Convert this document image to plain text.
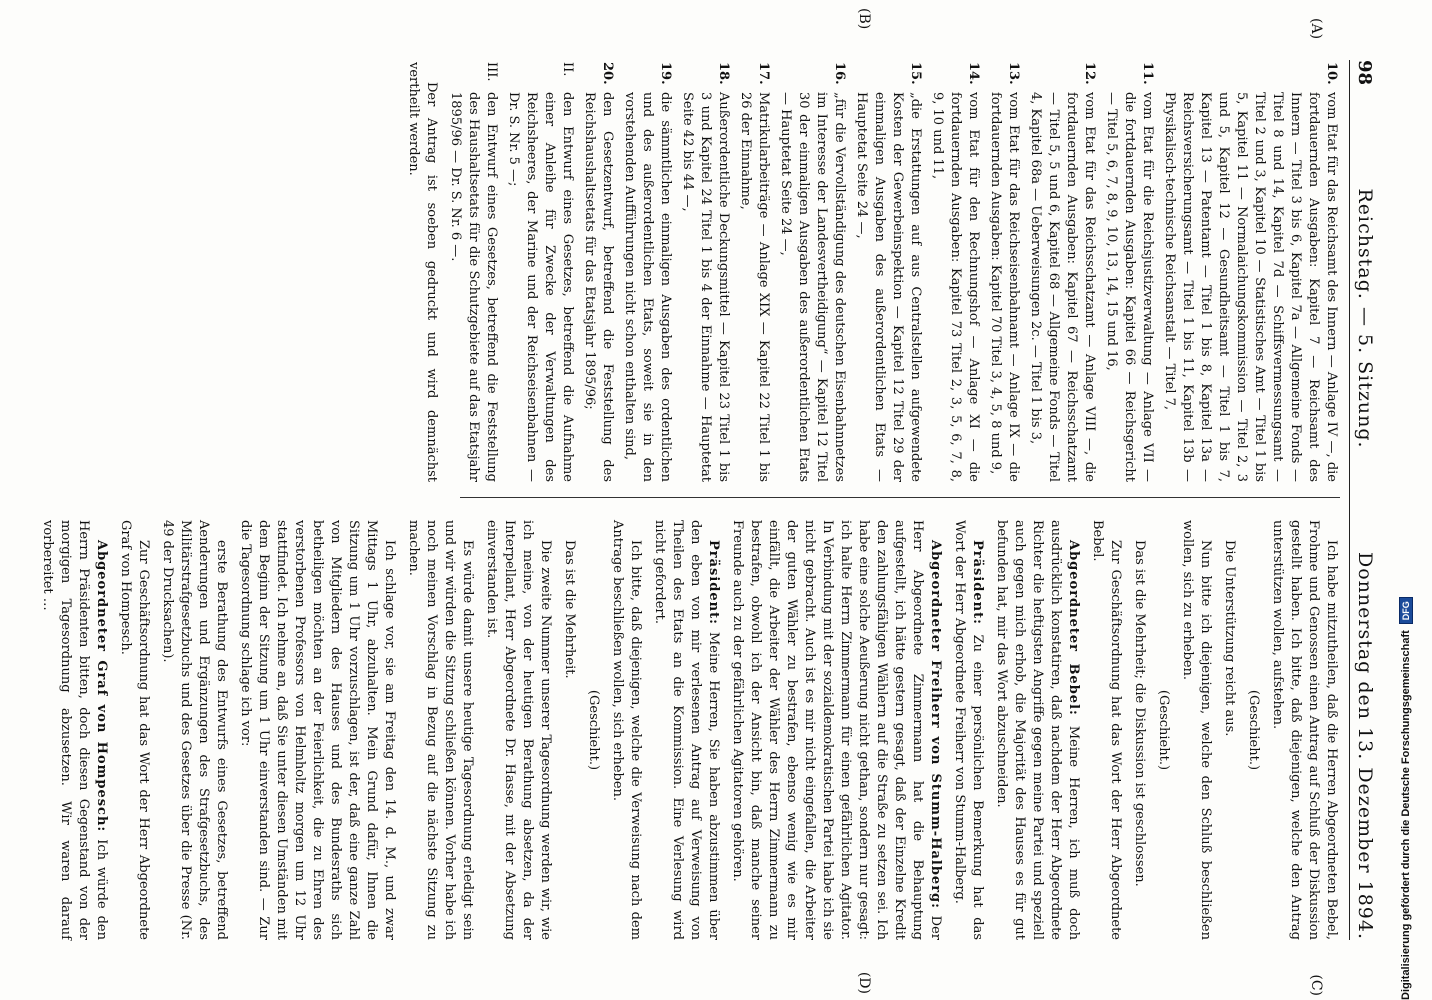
98
Reichstag. — 5. Sitzung.
Donnerstag den 13. Dezember 1894.
(A)
(B)
(C)
(D)
10.
vom Etat für das Reichsamt des Innern — Anlage IV —, die fortdauernden Ausgaben: Kapitel 7 — Reichsamt des Innern — Titel 3 bis 6, Kapitel 7a — Allgemeine Fonds — Titel 8 und 14, Kapitel 7d — Schiffsvermessungsamt — Titel 2 und 3, Kapitel 10 — Statistisches Amt — Titel 1 bis 5, Kapitel 11 — Normalaichungskommission — Titel 2, 3 und 5, Kapitel 12 — Gesundheitsamt — Titel 1 bis 7, Kapitel 13 — Patentamt — Titel 1 bis 8, Kapitel 13a — Reichsversicherungsamt — Titel 1 bis 11, Kapitel 13b — Physikalisch-technische Reichsanstalt — Titel 7,
11.
vom Etat für die Reichsjustizverwaltung — Anlage VII — die fortdauernden Ausgaben: Kapitel 66 — Reichsgericht — Titel 5, 6, 7, 8, 9, 10, 13, 14, 15 und 16,
12.
vom Etat für das Reichsschatzamt — Anlage VIII —, die fortdauernden Ausgaben: Kapitel 67 — Reichsschatzamt — Titel 5, 5 und 6, Kapitel 68 — Allgemeine Fonds — Titel 4, Kapitel 68a — Ueberweisungen 2c. — Titel 1 bis 3,
13.
vom Etat für das Reichseisenbahnamt — Anlage IX — die fortdauernden Ausgaben: Kapitel 70 Titel 3, 4, 5, 8 und 9,
14.
vom Etat für den Rechnungshof — Anlage XI — die fortdauernden Ausgaben: Kapitel 73 Titel 2, 3, 5, 6, 7, 8, 9, 10 und 11,
15.
„die Erstattungen auf aus Centralstellen aufgewendete Kosten der Gewerbeinspektion — Kapitel 12 Titel 29 der einmaligen Ausgaben des außerordentlichen Etats — Hauptetat Seite 24 —,
16.
„für die Vervollständigung des deutschen Eisenbahnnetzes im Interesse der Landesvertheidigung“ — Kapitel 12 Titel 30 der einmaligen Ausgaben des außerordentlichen Etats — Hauptetat Seite 24 —,
17.
Matrikularbeiträge — Anlage XIX — Kapitel 22 Titel 1 bis 26 der Einnahme,
18.
Außerordentliche Deckungsmittel — Kapitel 23 Titel 1 bis 3 und Kapitel 24 Titel 1 bis 4 der Einnahme — Hauptetat Seite 42 bis 44 —,
19.
die sämmtlichen einmaligen Ausgaben des ordentlichen und des außerordentlichen Etats, soweit sie in den vorstehenden Aufführungen nicht schon enthalten sind,
20.
den Gesetzentwurf, betreffend die Feststellung des Reichshaushaltsetats für das Etatsjahr 1895/96;
II.
den Entwurf eines Gesetzes, betreffend die Aufnahme einer Anleihe für Zwecke der Verwaltungen des Reichsheeres, der Marine und der Reichseisenbahnen — Dr. S. Nr. 5 —;
III.
den Entwurf eines Gesetzes, betreffend die Feststellung des Haushaltsetats für die Schutzgebiete auf das Etatsjahr 1895/96 — Dr. S. Nr. 6 —.

Der Antrag ist soeben gedruckt und wird demnächst vertheilt werden.

Ich habe mitzutheilen, daß die Herren Abgeordneten Bebel, Frohme und Genossen einen Antrag auf Schluß der Diskussion gestellt haben. Ich bitte, daß diejenigen, welche den Antrag unterstützen wollen, aufstehen.

(Geschieht.)

Die Unterstützung reicht aus.

Nun bitte ich diejenigen, welche den Schluß beschließen wollen, sich zu erheben.

(Geschieht.)

Das ist die Mehrheit; die Diskussion ist geschlossen.

Zur Geschäftsordnung hat das Wort der Herr Abgeordnete Bebel.

Abgeordneter Bebel: Meine Herren, ich muß doch ausdrücklich konstatiren, daß nachdem der Herr Abgeordnete Richter die heftigsten Angriffe gegen meine Partei und speziell auch gegen mich erhob, die Majorität des Hauses es für gut befunden hat, mir das Wort abzuschneiden.

Präsident: Zu einer persönlichen Bemerkung hat das Wort der Herr Abgeordnete Freiherr von Stumm-Halberg.

Abgeordneter Freiherr von Stumm-Halberg: Der Herr Abgeordnete Zimmermann hat die Behauptung aufgestellt, ich hätte gestern gesagt, daß der Einzelne Kredit den zahlungsfähigen Wählern auf die Straße zu setzen sei. Ich habe eine solche Aeußerung nicht gethan, sondern nur gesagt: ich halte Herrn Zimmermann für einen gefährlichen Agitator. In Verbindung mit der sozialdemokratischen Partei habe ich sie nicht gebracht. Auch ist es mir nicht eingefallen, die Arbeiter der guten Wähler zu bestrafen, ebenso wenig wie es mir einfällt, die Arbeiter der Wähler des Herrn Zimmermann zu bestrafen, obwohl ich der Ansicht bin, daß manche seiner Freunde auch zu der gefährlichen Agitatoren gehören.

Präsident: Meine Herren, Sie haben abzustimmen über den eben von mir verlesenen Antrag auf Verweisung von Theilen des Etats an die Kommission. Eine Verlesung wird nicht gefordert.

Ich bitte, daß diejenigen, welche die Verweisung nach dem Antrage beschließen wollen, sich erheben.

(Geschieht.)

Das ist die Mehrheit.

Die zweite Nummer unserer Tagesordnung werden wir, wie ich meine, von der heutigen Berathung absetzen, da der Interpellant, Herr Abgeordnete Dr. Hasse, mit der Absetzung einverstanden ist.

Es würde damit unsere heutige Tagesordnung erledigt sein und wir würden die Sitzung schließen können. Vorher habe ich noch meinen Vorschlag in Bezug auf die nächste Sitzung zu machen.

Ich schlage vor, sie am Freitag den 14. d. M., und zwar Mittags 1 Uhr, abzuhalten. Mein Grund dafür, Ihnen die Sitzung um 1 Uhr vorzuschlagen, ist der, daß eine ganze Zahl von Mitgliedern des Hauses und des Bundesraths sich betheiligen möchten an der Feierlichkeit, die zu Ehren des verstorbenen Professors von Helmholtz morgen um 12 Uhr stattfindet. Ich nehme an, daß Sie unter diesen Umständen mit dem Beginn der Sitzung um 1 Uhr einverstanden sind. — Zur die Tagesordnung schlage ich vor:

erste Berathung des Entwurfs eines Gesetzes, betreffend Aenderungen und Ergänzungen des Strafgesetzbuchs, des Militärstrafgesetzbuchs und des Gesetzes über die Presse (Nr. 49 der Drucksachen).

Zur Geschäftsordnung hat das Wort der Herr Abgeordnete Graf von Hompesch.

Abgeordneter Graf von Hompesch: Ich würde den Herrn Präsidenten bitten, doch diesen Gegenstand von der morgigen Tagesordnung abzusetzen. Wir waren darauf vorbereitet …

Digitalisierung gefördert durch die Deutsche Forschungsgemeinschaft
DFG
